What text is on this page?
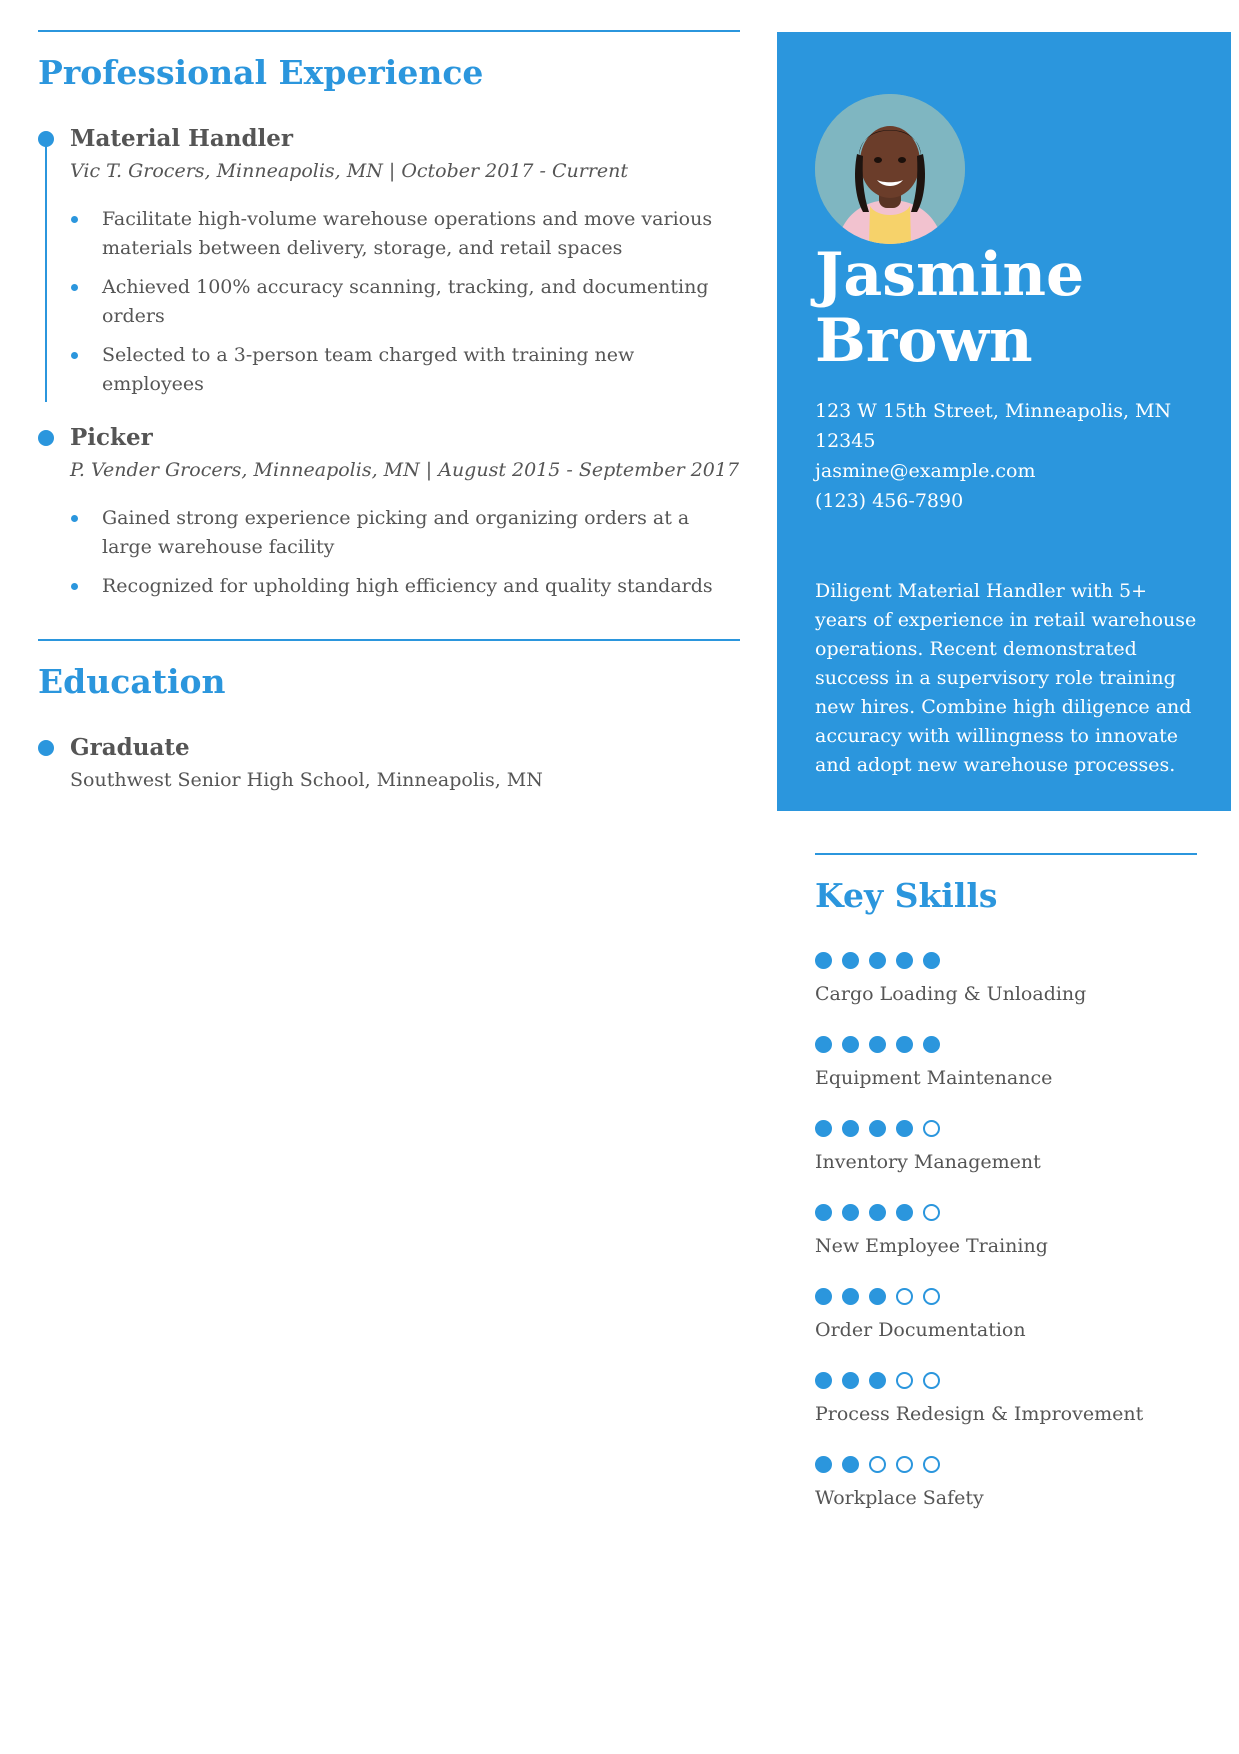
Professional Experience
Material Handler
Vic T. Grocers, Minneapolis, MN | October 2017 - Current
Facilitate high-volume warehouse operations and move various materials between delivery, storage, and retail spaces
Achieved 100% accuracy scanning, tracking, and documenting orders
Selected to a 3-person team charged with training new employees
Picker
P. Vender Grocers, Minneapolis, MN | August 2015 - September 2017
Gained strong experience picking and organizing orders at a large warehouse facility
Recognized for upholding high efficiency and quality standards
Education
Graduate
Southwest Senior High School, Minneapolis, MN
Jasmine
Brown
123 W 15th Street, Minneapolis, MN
12345
jasmine@example.com
(123) 456-7890
Diligent Material Handler with 5+ years of experience in retail warehouse operations. Recent demonstrated success in a supervisory role training new hires. Combine high diligence and accuracy with willingness to innovate and adopt new warehouse processes.
Key Skills
Cargo Loading & Unloading
Equipment Maintenance
Inventory Management
New Employee Training
Order Documentation
Process Redesign & Improvement
Workplace Safety
